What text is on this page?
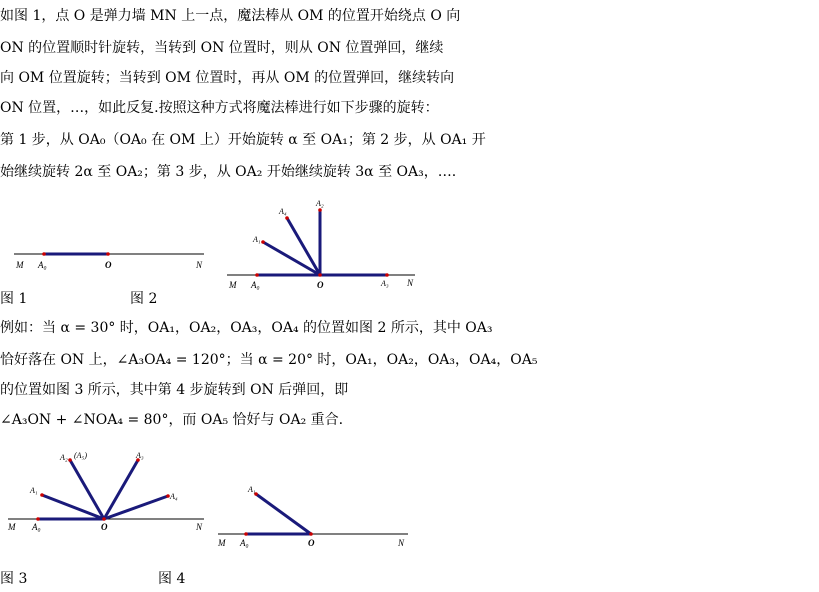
如图 1，点 O 是弹力墙 MN 上一点，魔法棒从 OM 的位置开始绕点 O 向
ON 的位置顺时针旋转，当转到 ON 位置时，则从 ON 位置弹回，继续
向 OM 位置旋转；当转到 OM 位置时，再从 OM 的位置弹回，继续转向
ON 位置，…，如此反复.按照这种方式将魔法棒进行如下步骤的旋转：
第 1 步，从 OA₀（OA₀ 在 OM 上）开始旋转 α 至 OA₁；第 2 步，从 OA₁ 开
始继续旋转 2α 至 OA₂；第 3 步，从 OA₂ 开始继续旋转 3α 至 OA₃，….
M A₀	O	N
M A₀	O	A₃ N
A₁
A₄
A₂
图 1	图 2
例如：当 α = 30° 时，OA₁，OA₂，OA₃，OA₄ 的位置如图 2 所示，其中 OA₃
恰好落在 ON 上，∠A₃OA₄ = 120°；当 α = 20° 时，OA₁，OA₂，OA₃，OA₄，OA₅
的位置如图 3 所示，其中第 4 步旋转到 ON 后弹回，即
∠A₃ON + ∠NOA₄ = 80°，而 OA₅ 恰好与 OA₂ 重合.
M A₀	O	N
A₁
A₂ (A₅)	A₃
A₄
M A₀	O	N
A₁
图 3	图 4
